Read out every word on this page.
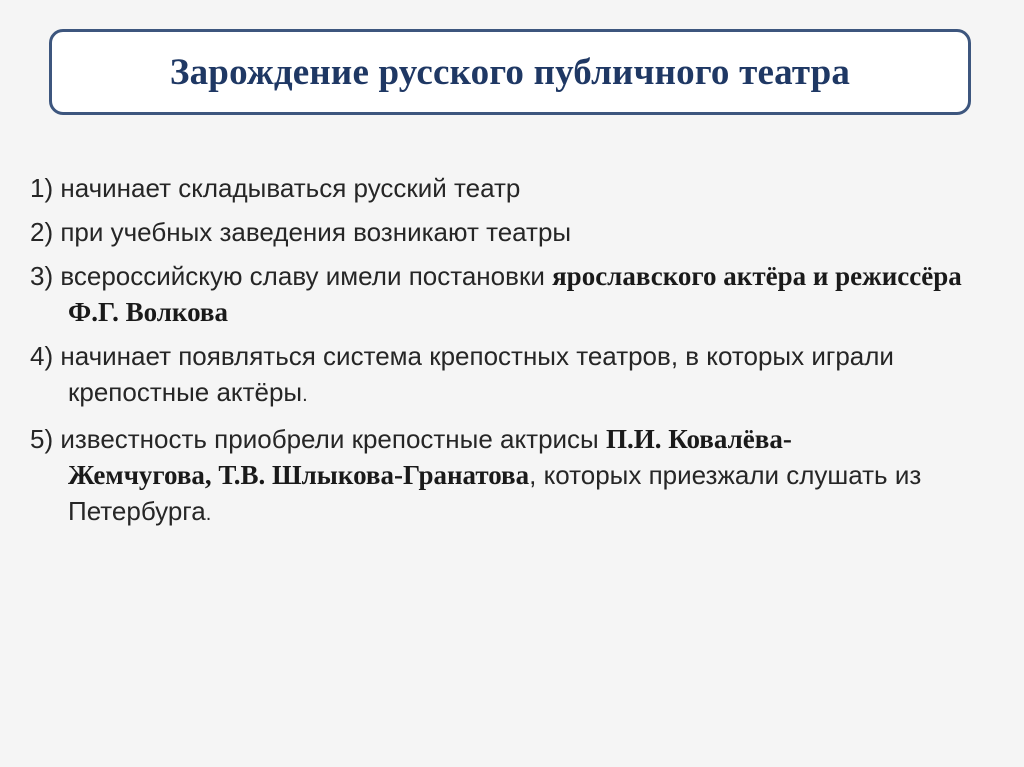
Зарождение русского публичного театра
1) начинает складываться русский театр
2) при учебных заведения возникают театры
3) всероссийскую славу имели постановки ярославского актёра и режиссёра Ф.Г. Волкова
4) начинает появляться система крепостных театров, в которых играли крепостные актёры.
5) известность приобрели крепостные актрисы П.И. Ковалёва-
Жемчугова, Т.В. Шлыкова-Гранатова, которых приезжали слушать из Петербурга.
